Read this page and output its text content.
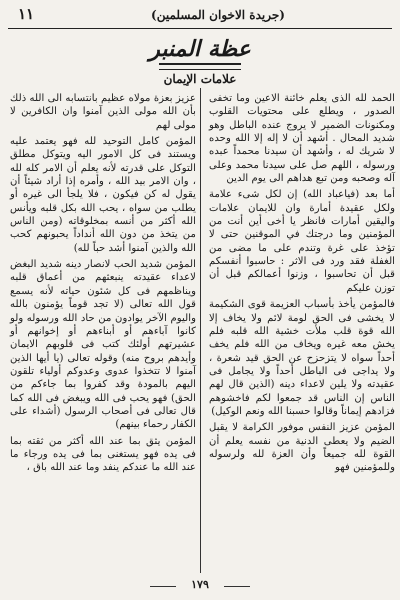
١١	(جريدة الاخوان المسلمين)
عظة المنبر
علامات الإيمان

الحمد لله الذى يعلم خائنة الاعين وما تخفى الصدور ، ويطلع على محتويات القلوب ومكنونات الضمير لا يروج عنده الباطل وهو شديد المحال . أشهد أن لا إله إلا الله وحده لا شريك له ، وأشهد أن سيدنا محمداً عبده ورسوله ، اللهم صل على سيدنا محمد وعلى آله وصحبه ومن تبع هداهم الى يوم الدين

أما بعد (فياعباد الله) إن لكل شىء علامة ولكل عقيدة أمارة وان للايمان علامات واليقين أمارات فانظر يا أخى أين أنت من المؤمنين وما درجتك في الموقنين حتى لا تؤخذ على غرة وتندم على ما مضى من الغفلة فقد ورد فى الاثر : حاسبوا أنفسكم قبل أن تحاسبوا ، وزنوا أعمالكم قبل أن توزن عليكم

فالمؤمن يأخذ بأسباب العزيمة قوى الشكيمة لا يخشى فى الحق لومة لائم ولا يخاف إلا الله قوة قلب ملأت خشية الله قلبه فلم يخش معه غيره ويخاف من الله فلم يخف أحداً سواه لا يتزحزح عن الحق قيد شعرة ، ولا يداجى فى الباطل أحداً ولا يجامل فى عقيدته ولا يلين لاعداء دينه (الذين قال لهم الناس إن الناس قد جمعوا لكم فاخشوهم فزادهم إيماناً وقالوا حسبنا الله ونعم الوكيل)

المؤمن عزيز النفس موفور الكرامة لا يقبل الضيم ولا يعطى الدنية من نفسه يعلم أن القوة لله جميعاً وأن العزة لله ولرسوله وللمؤمنين فهو

عزيز بعزة مولاه عظيم بانتسابه الى الله ذلك بأن الله مولى الذين آمنوا وان الكافرين لا مولى لهم

المؤمن كامل التوحيد لله فهو يعتمد عليه ويستند فى كل الامور اليه ويتوكل مطلق التوكل على قدرته لأنه يعلم أن الامر كله لله ، وان الامر بيد الله ، وأمره إذا أراد شيئاً أن يقول له كن فيكون ، فلا يلجأ الى غيره أو يطلب من سواه ، يحب الله بكل قلبه ويأنس الله أكثر من أنسه بمخلوقاته (ومن الناس من يتخذ من دون الله أنداداً يحبونهم كحب الله والذين آمنوا أشد حباً لله)

المؤمن شديد الحب لانصار دينه شديد البغض لاعداء عقيدته ينبعثهم من أعماق قلبه ويناظمهم فى كل شئون حياته لأنه يسمع قول الله تعالى (لا تجد قوماً يؤمنون بالله واليوم الآخر يوادون من حاد الله ورسوله ولو كانوا آباءهم أو أبناءهم أو إخوانهم أو عشيرتهم أولئك كتب فى قلوبهم الايمان وأيدهم بروح منه) وقوله تعالى (يا أيها الذين آمنوا لا تتخذوا عدوى وعدوكم أولياء تلقون اليهم بالمودة وقد كفروا بما جاءكم من الحق) فهو يحب فى الله ويبغض فى الله كما قال تعالى فى أصحاب الرسول (أشداء على الكفار رحماء بينهم)

المؤمن يثق بما عند الله أكثر من ثقته بما فى يده فهو يستغنى بما فى يده ورجاء ما عند الله ما عندكم ينفد وما عند الله باق ،

١٧٩
